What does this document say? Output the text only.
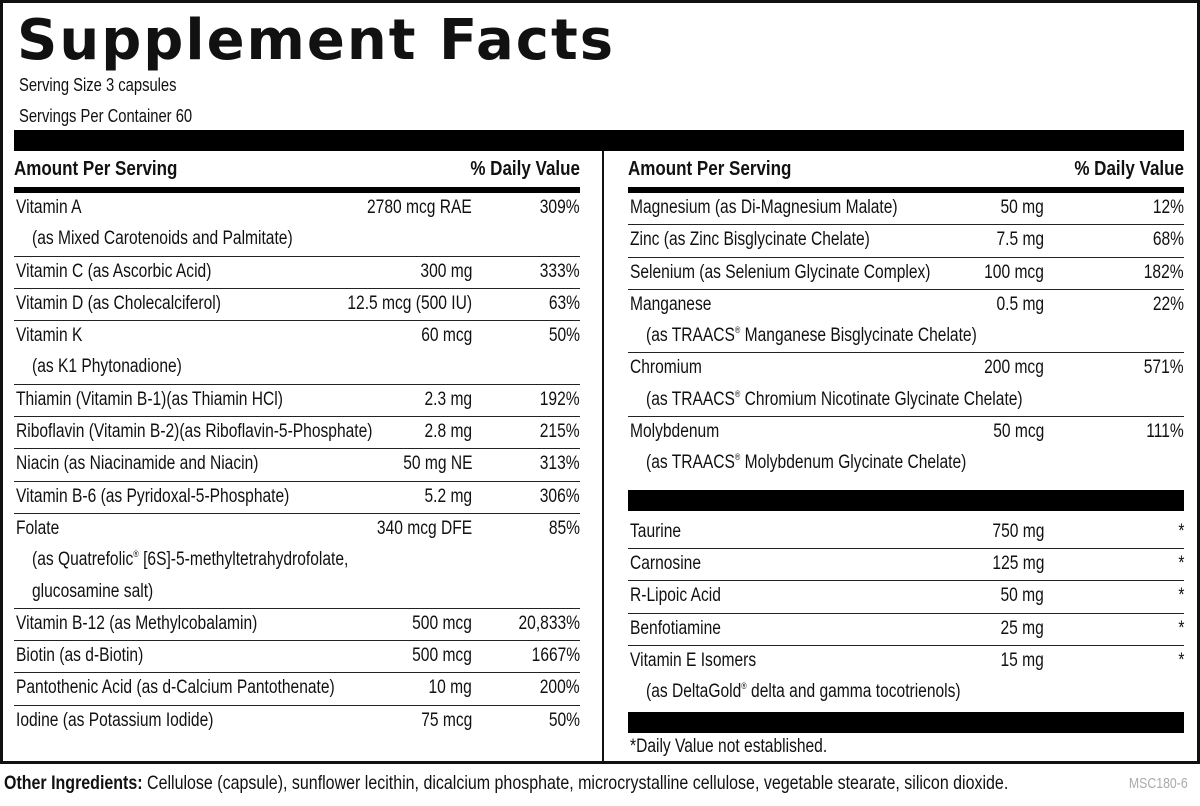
Supplement Facts
Serving Size 3 capsules
Servings Per Container 60
Amount Per Serving	% Daily Value
Vitamin A	2780 mcg RAE	309%
(as Mixed Carotenoids and Palmitate)
Vitamin C (as Ascorbic Acid)	300 mg	333%
Vitamin D (as Cholecalciferol)	12.5 mcg (500 IU)	63%
Vitamin K	60 mcg	50%
(as K1 Phytonadione)
Thiamin (Vitamin B-1)(as Thiamin HCl)	2.3 mg	192%
Riboflavin (Vitamin B-2)(as Riboflavin-5-Phosphate)	2.8 mg	215%
Niacin (as Niacinamide and Niacin)	50 mg NE	313%
Vitamin B-6 (as Pyridoxal-5-Phosphate)	5.2 mg	306%
Folate	340 mcg DFE	85%
(as Quatrefolic® [6S]-5-methyltetrahydrofolate,
glucosamine salt)
Vitamin B-12 (as Methylcobalamin)	500 mcg 20,833%
Biotin (as d-Biotin)	500 mcg	1667%
Pantothenic Acid (as d-Calcium Pantothenate)	10 mg	200%
Iodine (as Potassium Iodide)	75 mcg	50%
Amount Per Serving	% Daily Value
Magnesium (as Di-Magnesium Malate)	50 mg	12%
Zinc (as Zinc Bisglycinate Chelate)	7.5 mg	68%
Selenium (as Selenium Glycinate Complex)	100 mcg	182%
Manganese	0.5 mg	22%
(as TRAACS® Manganese Bisglycinate Chelate)
Chromium	200 mcg	571%
(as TRAACS® Chromium Nicotinate Glycinate Chelate)
Molybdenum	50 mcg	111%
(as TRAACS® Molybdenum Glycinate Chelate)
Taurine	750 mg	*
Carnosine	125 mg	*
R-Lipoic Acid	50 mg	*
Benfotiamine	25 mg	*
Vitamin E Isomers	15 mg	*
(as DeltaGold® delta and gamma tocotrienols)
*Daily Value not established.
Other Ingredients: Cellulose (capsule), sunflower lecithin, dicalcium phosphate, microcrystalline cellulose, vegetable stearate, silicon dioxide.	MSC180-6
